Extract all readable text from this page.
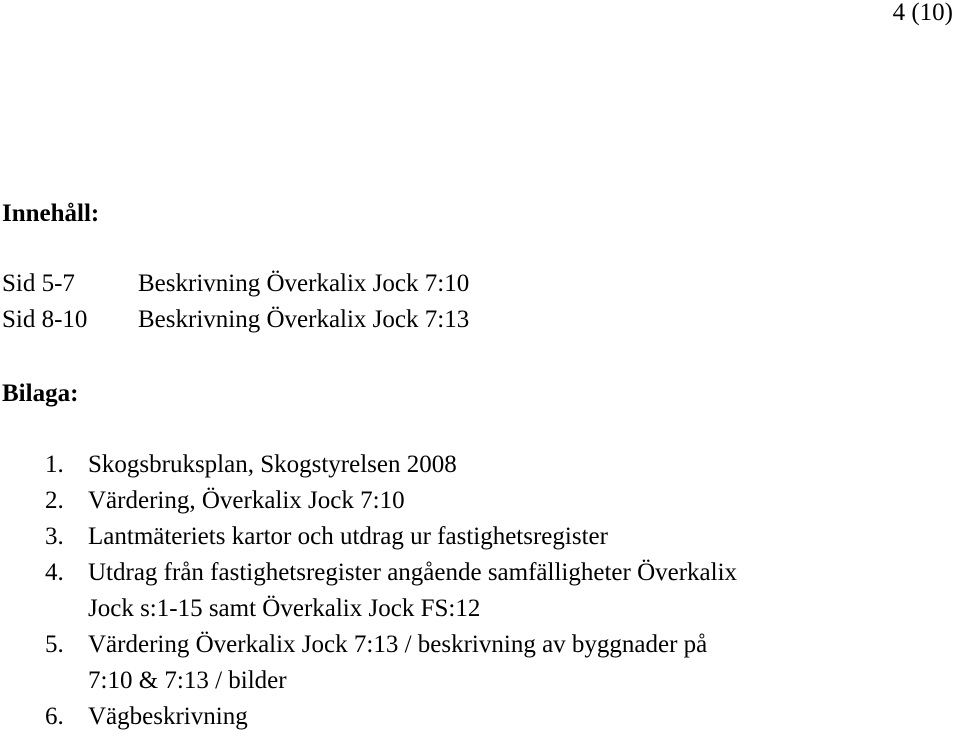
4 (10)
Innehåll:
Sid 5-7	Beskrivning Överkalix Jock 7:10
Sid 8-10	Beskrivning Överkalix Jock 7:13
Bilaga:
1. Skogsbruksplan, Skogstyrelsen 2008
2. Värdering, Överkalix Jock 7:10
3. Lantmäteriets kartor och utdrag ur fastighetsregister
4. Utdrag från fastighetsregister angående samfälligheter Överkalix
Jock s:1-15 samt Överkalix Jock FS:12
5. Värdering Överkalix Jock 7:13 / beskrivning av byggnader på
7:10 & 7:13 / bilder
6. Vägbeskrivning
